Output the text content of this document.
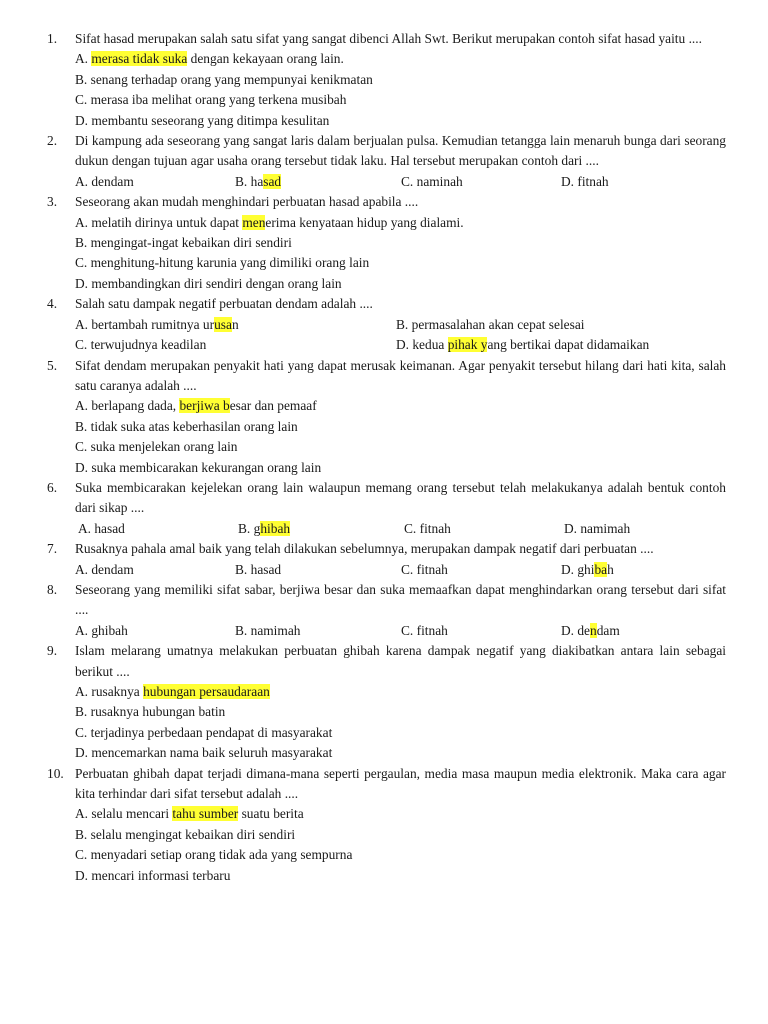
1.	Sifat hasad merupakan salah satu sifat yang sangat dibenci Allah Swt. Berikut merupakan contoh sifat hasad yaitu ....

A. merasa tidak suka dengan kekayaan orang lain.
B. senang terhadap orang yang mempunyai kenikmatan
C. merasa iba melihat orang yang terkena musibah
D. membantu seseorang yang ditimpa kesulitan
2.	Di kampung ada seseorang yang sangat laris dalam berjualan pulsa. Kemudian tetangga lain menaruh bunga dari seorang dukun dengan tujuan agar usaha orang tersebut tidak laku. Hal tersebut merupakan contoh dari ....

A. dendam	B. hasad	C. naminah	D. fitnah
3.	Seseorang akan mudah menghindari perbuatan hasad apabila ....

A. melatih dirinya untuk dapat menerima kenyataan hidup yang dialami.
B. mengingat-ingat kebaikan diri sendiri
C. menghitung-hitung karunia yang dimiliki orang lain
D. membandingkan diri sendiri dengan orang lain
4.	Salah satu dampak negatif perbuatan dendam adalah ....

A. bertambah rumitnya urusan	B. permasalahan akan cepat selesai
C. terwujudnya keadilan	D. kedua pihak yang bertikai dapat didamaikan
5.	Sifat dendam merupakan penyakit hati yang dapat merusak keimanan. Agar penyakit tersebut hilang dari hati kita, salah satu caranya adalah ....

A. berlapang dada, berjiwa besar dan pemaaf
B. tidak suka atas keberhasilan orang lain
C. suka menjelekan orang lain
D. suka membicarakan kekurangan orang lain
6.	Suka membicarakan kejelekan orang lain walaupun memang orang tersebut telah melakukanya adalah bentuk contoh dari sikap ....

A. hasad	B. ghibah	C. fitnah	D. namimah
7.	Rusaknya pahala amal baik yang telah dilakukan sebelumnya, merupakan dampak negatif dari perbuatan ....

A. dendam	B. hasad	C. fitnah	D. ghibah
8.	Seseorang yang memiliki sifat sabar, berjiwa besar dan suka memaafkan dapat menghindarkan orang tersebut dari sifat ....

A. ghibah	B. namimah	C. fitnah	D. dendam
9.	Islam melarang umatnya melakukan perbuatan ghibah karena dampak negatif yang diakibatkan antara lain sebagai berikut ....

A. rusaknya hubungan persaudaraan
B. rusaknya hubungan batin
C. terjadinya perbedaan pendapat di masyarakat
D. mencemarkan nama baik seluruh masyarakat
10. Perbuatan ghibah dapat terjadi dimana-mana seperti pergaulan, media masa maupun media elektronik. Maka cara agar kita terhindar dari sifat tersebut adalah ....

A. selalu mencari tahu sumber suatu berita
B. selalu mengingat kebaikan diri sendiri
C. menyadari setiap orang tidak ada yang sempurna
D. mencari informasi terbaru
